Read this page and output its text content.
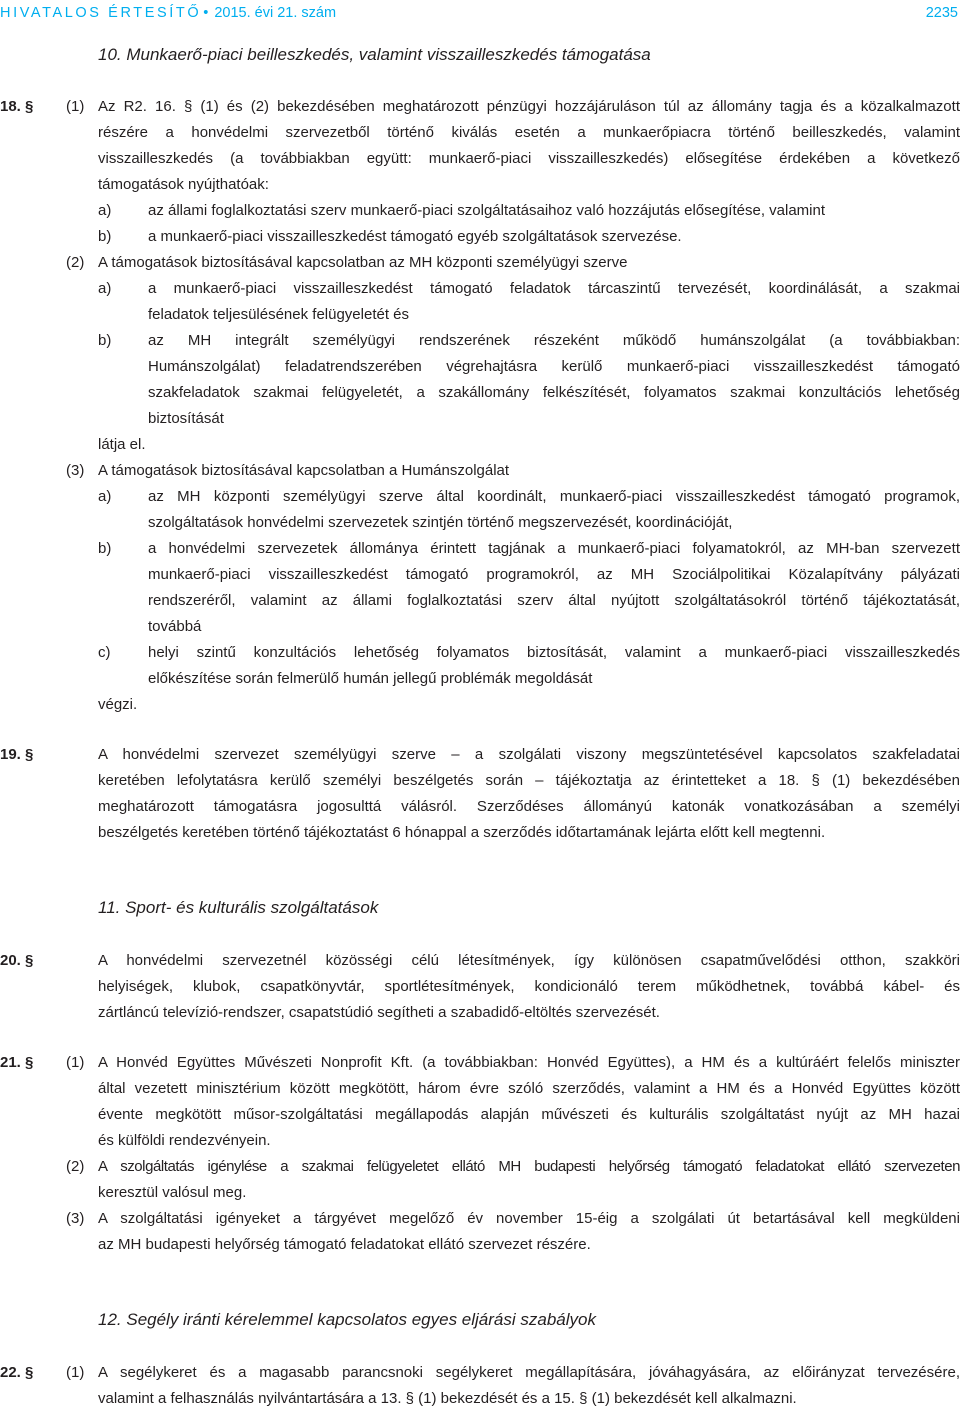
HIVATALOS ÉRTESÍTŐ • 2015. évi 21. szám	2235
10. Munkaerő-piaci beilleszkedés, valamint visszailleszkedés támogatása
18. § (1) Az R2. 16. § (1) és (2) bekezdésében meghatározott pénzügyi hozzájáruláson túl az állomány tagja és a közalkalmazott
részére a honvédelmi szervezetből történő kiválás esetén a munkaerőpiacra történő beilleszkedés, valamint
visszailleszkedés (a továbbiakban együtt: munkaerő-piaci visszailleszkedés) elősegítése érdekében a következő
támogatások nyújthatóak:
a) az állami foglalkoztatási szerv munkaerő-piaci szolgáltatásaihoz való hozzájutás elősegítése, valamint
b) a munkaerő-piaci visszailleszkedést támogató egyéb szolgáltatások szervezése.
(2) A támogatások biztosításával kapcsolatban az MH központi személyügyi szerve
a) a munkaerő-piaci visszailleszkedést támogató feladatok tárcaszintű tervezését, koordinálását, a szakmai
feladatok teljesülésének felügyeletét és
b) az MH integrált személyügyi rendszerének részeként működő humánszolgálat (a továbbiakban:
Humánszolgálat) feladatrendszerében végrehajtásra kerülő munkaerő-piaci visszailleszkedést támogató
szakfeladatok szakmai felügyeletét, a szakállomány felkészítését, folyamatos szakmai konzultációs lehetőség
biztosítását
látja el.
(3) A támogatások biztosításával kapcsolatban a Humánszolgálat
a) az MH központi személyügyi szerve által koordinált, munkaerő-piaci visszailleszkedést támogató programok,
szolgáltatások honvédelmi szervezetek szintjén történő megszervezését, koordinációját,
b) a honvédelmi szervezetek állománya érintett tagjának a munkaerő-piaci folyamatokról, az MH-ban szervezett
munkaerő-piaci visszailleszkedést támogató programokról, az MH Szociálpolitikai Közalapítvány pályázati
rendszeréről, valamint az állami foglalkoztatási szerv által nyújtott szolgáltatásokról történő tájékoztatását,
továbbá
c)	helyi szintű konzultációs lehetőség folyamatos biztosítását, valamint a munkaerő-piaci visszailleszkedés
előkészítése során felmerülő humán jellegű problémák megoldását
végzi.
19. §	A honvédelmi szervezet személyügyi szerve – a szolgálati viszony megszüntetésével kapcsolatos szakfeladatai
keretében lefolytatásra kerülő személyi beszélgetés során – tájékoztatja az érintetteket a 18. § (1) bekezdésében
meghatározott támogatásra jogosulttá válásról. Szerződéses állományú katonák vonatkozásában a személyi
beszélgetés keretében történő tájékoztatást 6 hónappal a szerződés időtartamának lejárta előtt kell megtenni.
11. Sport- és kulturális szolgáltatások
20. §	A honvédelmi szervezetnél közösségi célú létesítmények, így különösen csapatművelődési otthon, szakköri
helyiségek, klubok, csapatkönyvtár, sportlétesítmények, kondicionáló terem működhetnek, továbbá kábel- és
zártláncú televízió-rendszer, csapatstúdió segítheti a szabadidő-eltöltés szervezését.
21. § (1) A Honvéd Együttes Művészeti Nonprofit Kft. (a továbbiakban: Honvéd Együttes), a HM és a kultúráért felelős miniszter
által vezetett minisztérium között megkötött, három évre szóló szerződés, valamint a HM és a Honvéd Együttes között
évente megkötött műsor-szolgáltatási megállapodás alapján művészeti és kulturális szolgáltatást nyújt az MH hazai
és külföldi rendezvényein.
(2) A szolgáltatás igénylése a szakmai felügyeletet ellátó MH budapesti helyőrség támogató feladatokat ellátó szervezeten
keresztül valósul meg.
(3) A szolgáltatási igényeket a tárgyévet megelőző év november 15-éig a szolgálati út betartásával kell megküldeni
az MH budapesti helyőrség támogató feladatokat ellátó szervezet részére.
12. Segély iránti kérelemmel kapcsolatos egyes eljárási szabályok
22. § (1) A segélykeret és a magasabb parancsnoki segélykeret megállapítására, jóváhagyására, az előirányzat tervezésére,
valamint a felhasználás nyilvántartására a 13. § (1) bekezdését és a 15. § (1) bekezdését kell alkalmazni.
